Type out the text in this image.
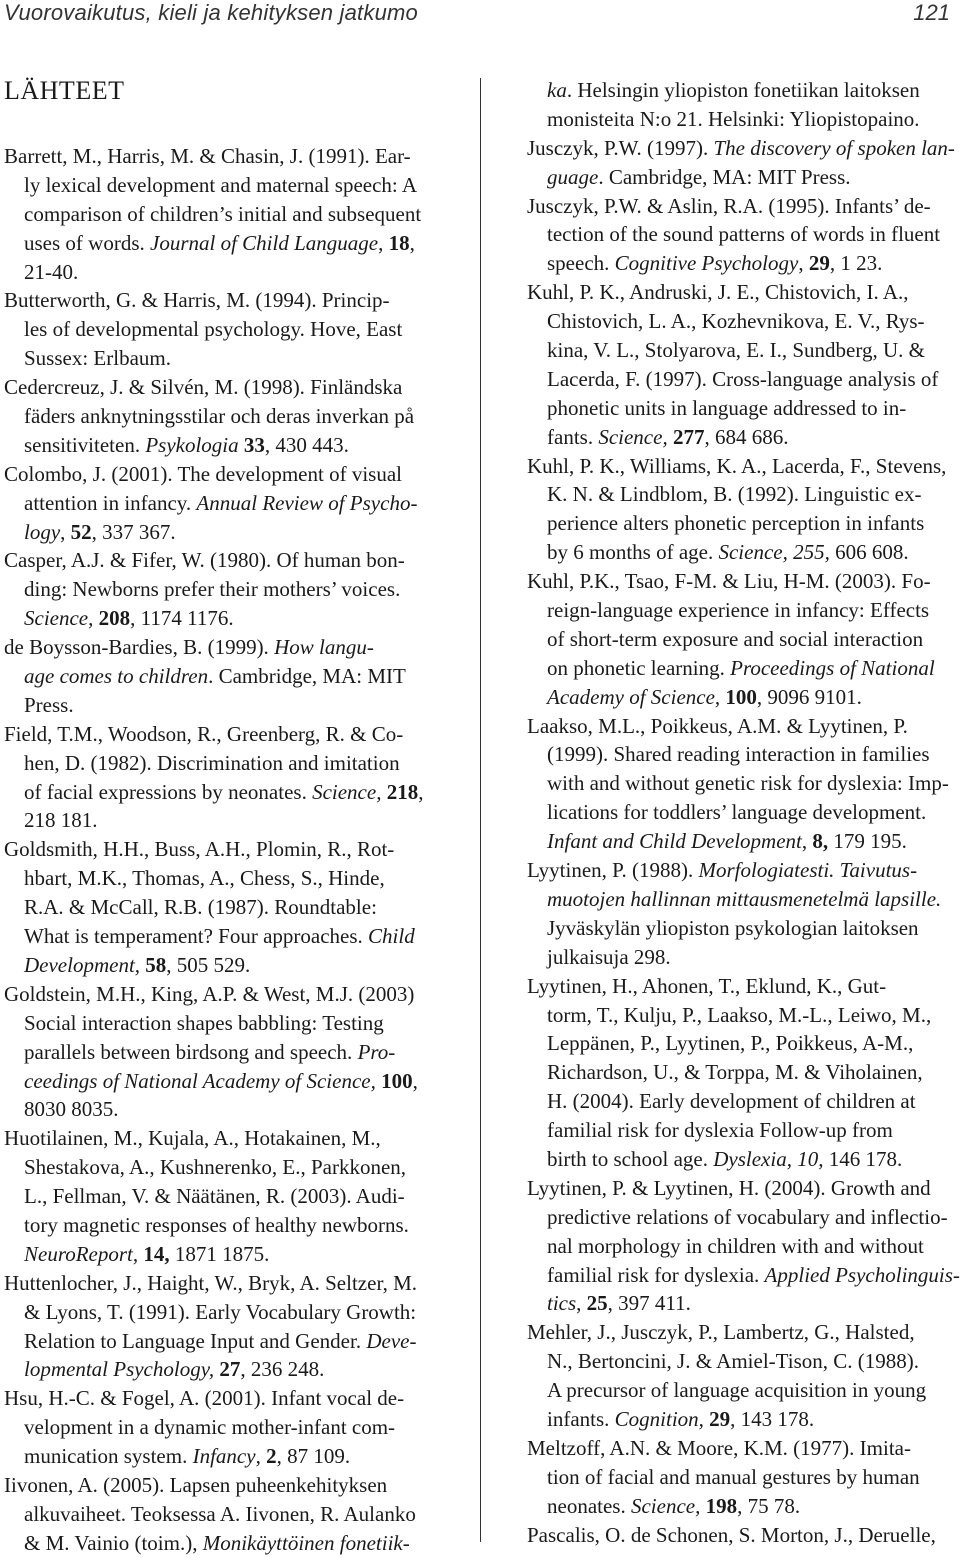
Vuorovaikutus, kieli ja kehityksen jatkumo	121
LÄHTEET
Barrett, M., Harris, M. & Chasin, J. (1991). Ear-
ly lexical development and maternal speech: A
comparison of children’s initial and subsequent
uses of words. Journal of Child Language, 18,
21-40.
Butterworth, G. & Harris, M. (1994). Princip-
les of developmental psychology. Hove, East
Sussex: Erlbaum.
Cedercreuz, J. & Silvén, M. (1998). Finländska
fäders anknytningsstilar och deras inverkan på
sensitiviteten. Psykologia 33, 430 443.
Colombo, J. (2001). The development of visual
attention in infancy. Annual Review of Psycho-
logy, 52, 337 367.
Casper, A.J. & Fifer, W. (1980). Of human bon-
ding: Newborns prefer their mothers’ voices.
Science, 208, 1174 1176.
de Boysson-Bardies, B. (1999). How langu-
age comes to children. Cambridge, MA: MIT
Press.
Field, T.M., Woodson, R., Greenberg, R. & Co-
hen, D. (1982). Discrimination and imitation
of facial expressions by neonates. Science, 218,
218 181.
Goldsmith, H.H., Buss, A.H., Plomin, R., Rot-
hbart, M.K., Thomas, A., Chess, S., Hinde,
R.A. & McCall, R.B. (1987). Roundtable:
What is temperament? Four approaches. Child
Development, 58, 505 529.
Goldstein, M.H., King, A.P. & West, M.J. (2003)
Social interaction shapes babbling: Testing
parallels between birdsong and speech. Pro-
ceedings of National Academy of Science, 100,
8030 8035.
Huotilainen, M., Kujala, A., Hotakainen, M.,
Shestakova, A., Kushnerenko, E., Parkkonen,
L., Fellman, V. & Näätänen, R. (2003). Audi-
tory magnetic responses of healthy newborns.
NeuroReport, 14, 1871 1875.
Huttenlocher, J., Haight, W., Bryk, A. Seltzer, M.
& Lyons, T. (1991). Early Vocabulary Growth:
Relation to Language Input and Gender. Deve-
lopmental Psychology, 27, 236 248.
Hsu, H.-C. & Fogel, A. (2001). Infant vocal de-
velopment in a dynamic mother-infant com-
munication system. Infancy, 2, 87 109.
Iivonen, A. (2005). Lapsen puheenkehityksen
alkuvaiheet. Teoksessa A. Iivonen, R. Aulanko
& M. Vainio (toim.), Monikäyttöinen fonetiik-
ka. Helsingin yliopiston fonetiikan laitoksen
monisteita N:o 21. Helsinki: Yliopistopaino.
Jusczyk, P.W. (1997). The discovery of spoken lan-
guage. Cambridge, MA: MIT Press.
Jusczyk, P.W. & Aslin, R.A. (1995). Infants’ de-
tection of the sound patterns of words in fluent
speech. Cognitive Psychology, 29, 1 23.
Kuhl, P. K., Andruski, J. E., Chistovich, I. A.,
Chistovich, L. A., Kozhevnikova, E. V., Rys-
kina, V. L., Stolyarova, E. I., Sundberg, U. &
Lacerda, F. (1997). Cross-language analysis of
phonetic units in language addressed to in-
fants. Science, 277, 684 686.
Kuhl, P. K., Williams, K. A., Lacerda, F., Stevens,
K. N. & Lindblom, B. (1992). Linguistic ex-
perience alters phonetic perception in infants
by 6 months of age. Science, 255, 606 608.
Kuhl, P.K., Tsao, F-M. & Liu, H-M. (2003). Fo-
reign-language experience in infancy: Effects
of short-term exposure and social interaction
on phonetic learning. Proceedings of National
Academy of Science, 100, 9096 9101.
Laakso, M.L., Poikkeus, A.M. & Lyytinen, P.
(1999). Shared reading interaction in families
with and without genetic risk for dyslexia: Imp-
lications for toddlers’ language development.
Infant and Child Development, 8, 179 195.
Lyytinen, P. (1988). Morfologiatesti. Taivutus-
muotojen hallinnan mittausmenetelmä lapsille.
Jyväskylän yliopiston psykologian laitoksen
julkaisuja 298.
Lyytinen, H., Ahonen, T., Eklund, K., Gut-
torm, T., Kulju, P., Laakso, M.-L., Leiwo, M.,
Leppänen, P., Lyytinen, P., Poikkeus, A-M.,
Richardson, U., & Torppa, M. & Viholainen,
H. (2004). Early development of children at
familial risk for dyslexia Follow-up from
birth to school age. Dyslexia, 10, 146 178.
Lyytinen, P. & Lyytinen, H. (2004). Growth and
predictive relations of vocabulary and inflectio-
nal morphology in children with and without
familial risk for dyslexia. Applied Psycholinguis-
tics, 25, 397 411.
Mehler, J., Jusczyk, P., Lambertz, G., Halsted,
N., Bertoncini, J. & Amiel-Tison, C. (1988).
A precursor of language acquisition in young
infants. Cognition, 29, 143 178.
Meltzoff, A.N. & Moore, K.M. (1977). Imita-
tion of facial and manual gestures by human
neonates. Science, 198, 75 78.
Pascalis, O. de Schonen, S. Morton, J., Deruelle,
